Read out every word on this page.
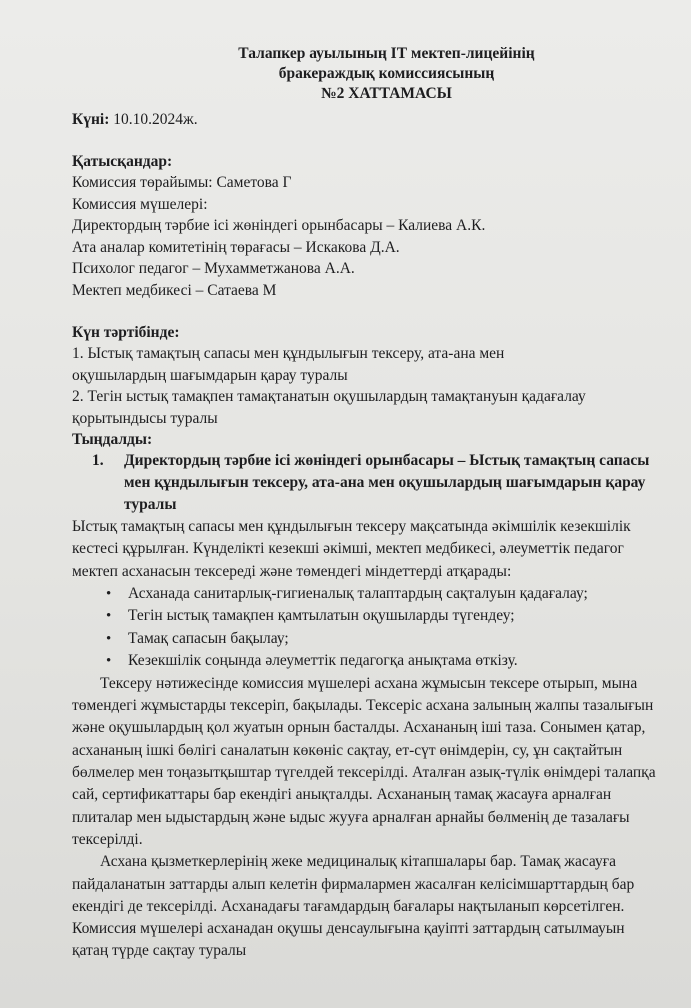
Талапкер ауылының ІТ мектеп-лицейінің
бракераждық комиссиясының
№2 ХАТТАМАСЫ
Күні: 10.10.2024ж.
Қатысқандар:
Комиссия төрайымы: Саметова Г
Комиссия мүшелері:
Директордың тәрбие ісі жөніндегі орынбасары – Калиева А.К.
Ата аналар комитетінің төрағасы – Искакова Д.А.
Психолог педагог – Мухамметжанова А.А.
Мектеп медбикесі – Сатаева М
Күн тәртібінде:
1. Ыстық тамақтың сапасы мен құндылығын тексеру, ата-ана мен
оқушылардың шағымдарын қарау туралы
2. Тегін ыстық тамақпен тамақтанатын оқушылардың тамақтануын қадағалау
қорытындысы туралы
Тыңдалды:
1.	Директордың тәрбие ісі жөніндегі орынбасары – Ыстық тамақтың сапасы мен құндылығын тексеру, ата-ана мен оқушылардың шағымдарын қарау туралы
Ыстық тамақтың сапасы мен құндылығын тексеру мақсатында әкімшілік кезекшілік кестесі құрылған. Күнделікті кезекші әкімші, мектеп медбикесі, әлеуметтік педагог мектеп асханасын тексереді және төмендегі міндеттерді атқарады:
• Асханада санитарлық-гигиеналық талаптардың сақталуын қадағалау;
• Тегін ыстық тамақпен қамтылатын оқушыларды түгендеу;
• Тамақ сапасын бақылау;
• Кезекшілік соңында әлеуметтік педагогқа анықтама өткізу.
Тексеру нәтижесінде комиссия мүшелері асхана жұмысын тексере отырып, мына төмендегі жұмыстарды тексеріп, бақылады. Тексеріс асхана залының жалпы тазалығын және оқушылардың қол жуатын орнын басталды. Асхананың іші таза. Сонымен қатар, асхананың ішкі бөлігі саналатын көкөніс сақтау, ет-сүт өнімдерін, су, ұн сақтайтын бөлмелер мен тоңазытқыштар түгелдей тексерілді. Аталған азық-түлік өнімдері талапқа сай, сертификаттары бар екендігі анықталды. Асхананың тамақ жасауға арналған плиталар мен ыдыстардың және ыдыс жууға арналған арнайы бөлменің де тазалағы тексерілді.
Асхана қызметкерлерінің жеке медициналық кітапшалары бар. Тамақ жасауға пайдаланатын заттарды алып келетін фирмалармен жасалған келісімшарттардың бар екендігі де тексерілді. Асханадағы тағамдардың бағалары нақтыланып көрсетілген. Комиссия мүшелері асханадан оқушы денсаулығына қауіпті заттардың сатылмауын қатаң түрде сақтау туралы
